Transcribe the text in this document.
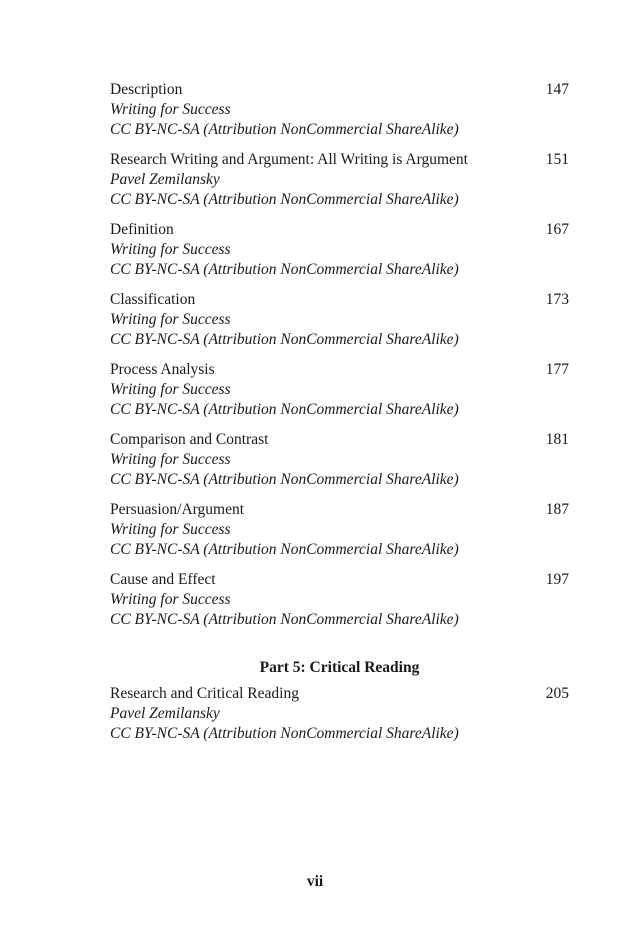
Description	147
Writing for Success
CC BY-NC-SA (Attribution NonCommercial ShareAlike)
Research Writing and Argument: All Writing is Argument	151
Pavel Zemilansky
CC BY-NC-SA (Attribution NonCommercial ShareAlike)
Definition	167
Writing for Success
CC BY-NC-SA (Attribution NonCommercial ShareAlike)
Classification	173
Writing for Success
CC BY-NC-SA (Attribution NonCommercial ShareAlike)
Process Analysis	177
Writing for Success
CC BY-NC-SA (Attribution NonCommercial ShareAlike)
Comparison and Contrast	181
Writing for Success
CC BY-NC-SA (Attribution NonCommercial ShareAlike)
Persuasion/Argument	187
Writing for Success
CC BY-NC-SA (Attribution NonCommercial ShareAlike)
Cause and Effect	197
Writing for Success
CC BY-NC-SA (Attribution NonCommercial ShareAlike)
Part 5: Critical Reading
Research and Critical Reading	205
Pavel Zemilansky
CC BY-NC-SA (Attribution NonCommercial ShareAlike)
vii
